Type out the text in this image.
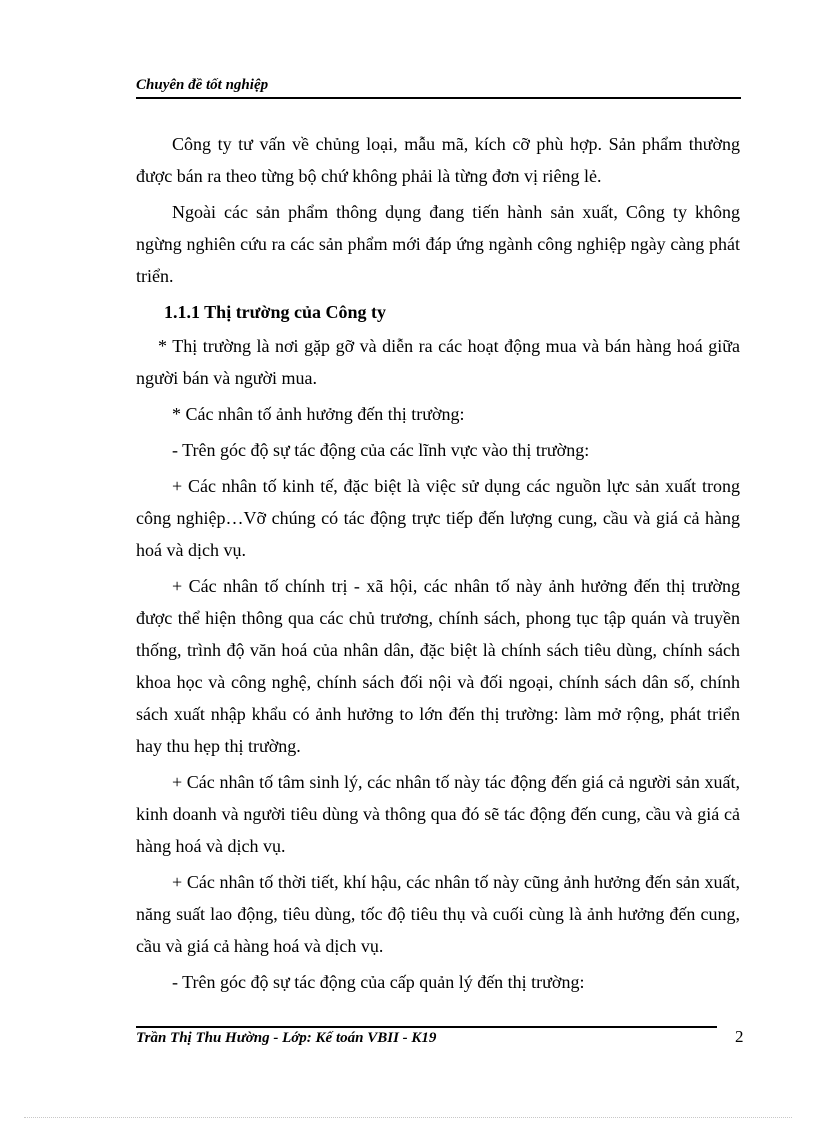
Chuyên đề tốt nghiệp

Công ty tư vấn về chủng loại, mẫu mã, kích cỡ phù hợp. Sản phẩm thường được bán ra theo từng bộ chứ không phải là từng đơn vị riêng lẻ.

Ngoài các sản phẩm thông dụng đang tiến hành sản xuất, Công ty không ngừng nghiên cứu ra các sản phẩm mới đáp ứng ngành công nghiệp ngày càng phát triển.

1.1.1 Thị trường của Công ty

* Thị trường là nơi gặp gỡ và diễn ra các hoạt động mua và bán hàng hoá giữa người bán và người mua.

* Các nhân tố ảnh hưởng đến thị trường:

- Trên góc độ sự tác động của các lĩnh vực vào thị trường:

+ Các nhân tố kinh tế, đặc biệt là việc sử dụng các nguồn lực sản xuất trong công nghiệp…Vỡ chúng có tác động trực tiếp đến lượng cung, cầu và giá cả hàng hoá và dịch vụ.

+ Các nhân tố chính trị - xã hội, các nhân tố này ảnh hưởng đến thị trường được thể hiện thông qua các chủ trương, chính sách, phong tục tập quán và truyền thống, trình độ văn hoá của nhân dân, đặc biệt là chính sách tiêu dùng, chính sách khoa học và công nghệ, chính sách đối nội và đối ngoại, chính sách dân số, chính sách xuất nhập khẩu có ảnh hưởng to lớn đến thị trường: làm mở rộng, phát triển hay thu hẹp thị trường.

+ Các nhân tố tâm sinh lý, các nhân tố này tác động đến giá cả người sản xuất, kinh doanh và người tiêu dùng và thông qua đó sẽ tác động đến cung, cầu và giá cả hàng hoá và dịch vụ.

+ Các nhân tố thời tiết, khí hậu, các nhân tố này cũng ảnh hưởng đến sản xuất, năng suất lao động, tiêu dùng, tốc độ tiêu thụ và cuối cùng là ảnh hưởng đến cung, cầu và giá cả hàng hoá và dịch vụ.

- Trên góc độ sự tác động của cấp quản lý đến thị trường:

Trần Thị Thu Hường - Lớp: Kế toán VBII - K19	2
